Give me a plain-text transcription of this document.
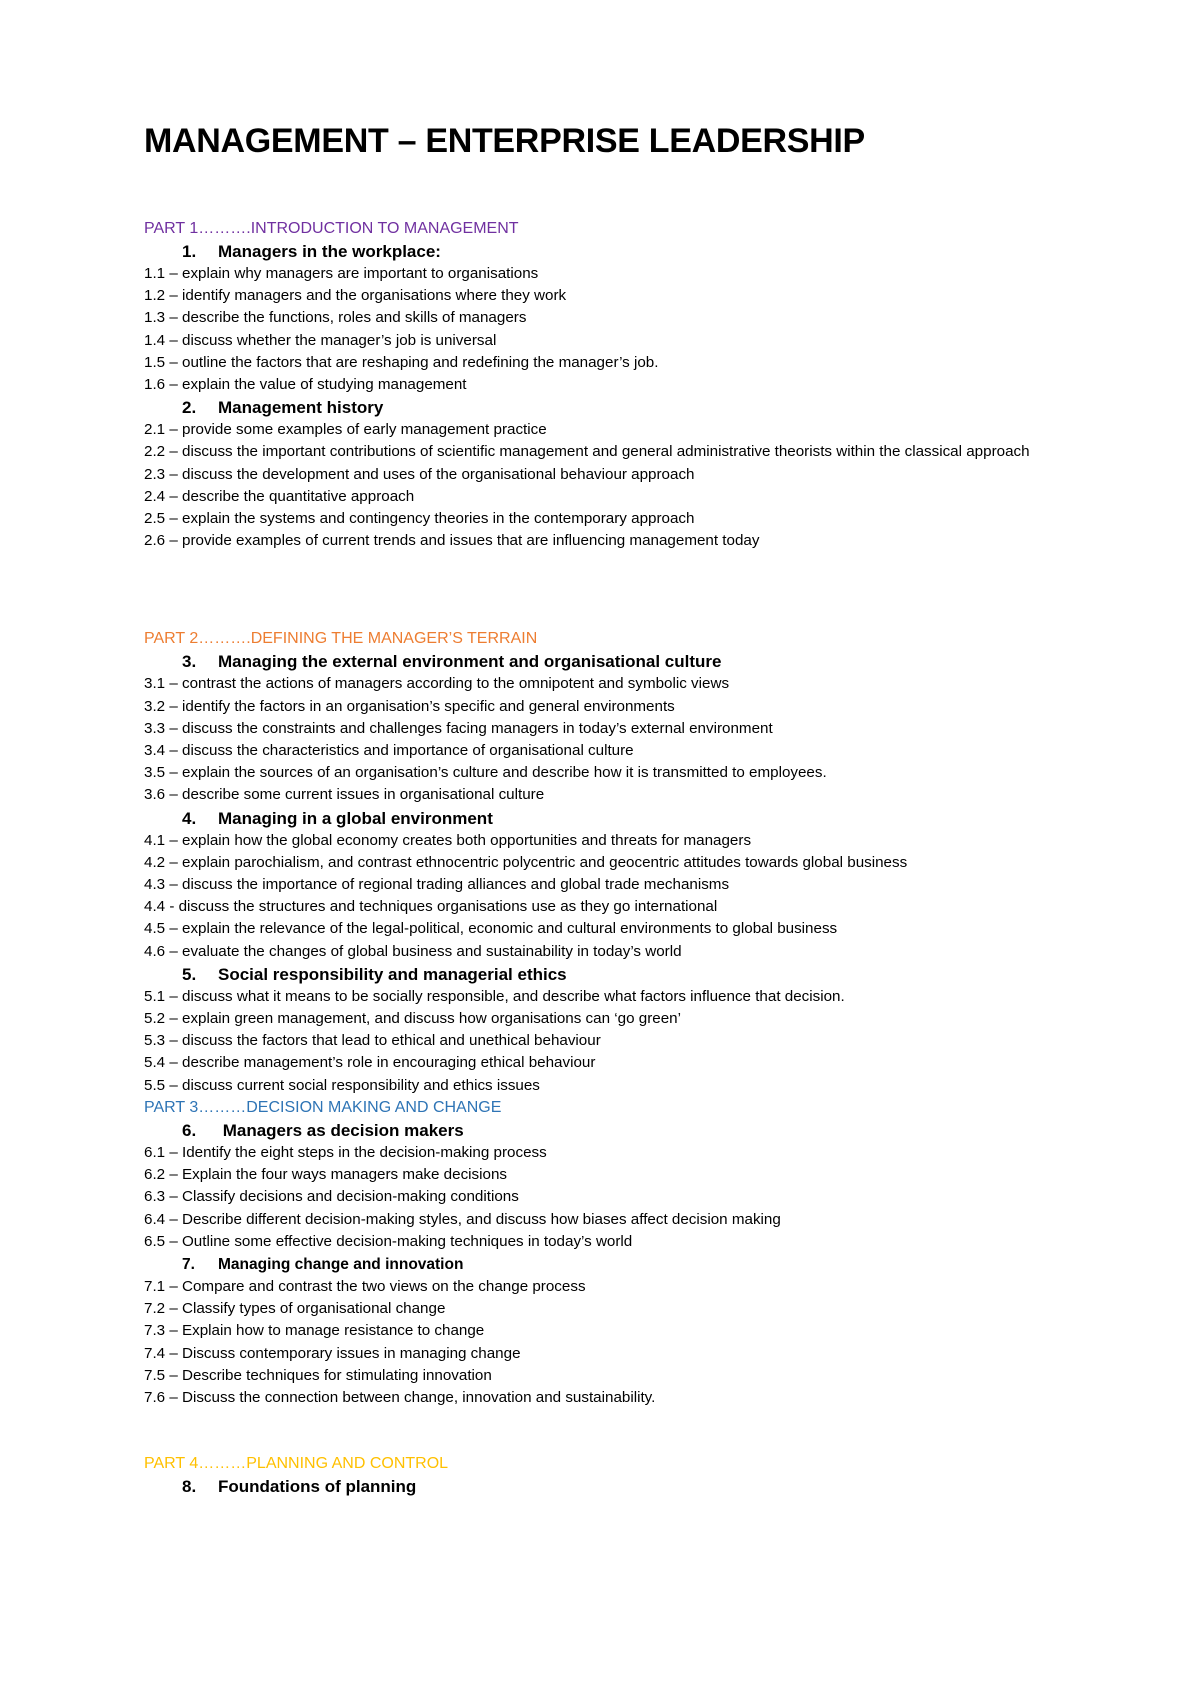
MANAGEMENT – ENTERPRISE LEADERSHIP

PART 1……….INTRODUCTION TO MANAGEMENT

1. Managers in the workplace:

1.1 – explain why managers are important to organisations

1.2 – identify managers and the organisations where they work

1.3 – describe the functions, roles and skills of managers

1.4 – discuss whether the manager’s job is universal

1.5 – outline the factors that are reshaping and redefining the manager’s job.

1.6 – explain the value of studying management

2. Management history

2.1 – provide some examples of early management practice

2.2 – discuss the important contributions of scientific management and general administrative theorists within the classical approach

2.3 – discuss the development and uses of the organisational behaviour approach

2.4 – describe the quantitative approach

2.5 – explain the systems and contingency theories in the contemporary approach

2.6 – provide examples of current trends and issues that are influencing management today

PART 2……….DEFINING THE MANAGER’S TERRAIN

3. Managing the external environment and organisational culture

3.1 – contrast the actions of managers according to the omnipotent and symbolic views

3.2 – identify the factors in an organisation’s specific and general environments

3.3 – discuss the constraints and challenges facing managers in today’s external environment

3.4 – discuss the characteristics and importance of organisational culture

3.5 – explain the sources of an organisation’s culture and describe how it is transmitted to employees.

3.6 – describe some current issues in organisational culture

4. Managing in a global environment

4.1 – explain how the global economy creates both opportunities and threats for managers

4.2 – explain parochialism, and contrast ethnocentric polycentric and geocentric attitudes towards global business

4.3 – discuss the importance of regional trading alliances and global trade mechanisms

4.4 - discuss the structures and techniques organisations use as they go international

4.5 – explain the relevance of the legal-political, economic and cultural environments to global business

4.6 – evaluate the changes of global business and sustainability in today’s world

5. Social responsibility and managerial ethics

5.1 – discuss what it means to be socially responsible, and describe what factors influence that decision.

5.2 – explain green management, and discuss how organisations can ‘go green’

5.3 – discuss the factors that lead to ethical and unethical behaviour

5.4 – describe management’s role in encouraging ethical behaviour

5.5 – discuss current social responsibility and ethics issues

PART 3………DECISION MAKING AND CHANGE

6. Managers as decision makers

6.1 – Identify the eight steps in the decision-making process

6.2 – Explain the four ways managers make decisions

6.3 – Classify decisions and decision-making conditions

6.4 – Describe different decision-making styles, and discuss how biases affect decision making

6.5 – Outline some effective decision-making techniques in today’s world

7. Managing change and innovation

7.1 – Compare and contrast the two views on the change process

7.2 – Classify types of organisational change

7.3 – Explain how to manage resistance to change

7.4 – Discuss contemporary issues in managing change

7.5 – Describe techniques for stimulating innovation

7.6 – Discuss the connection between change, innovation and sustainability.

PART 4………PLANNING AND CONTROL

8. Foundations of planning
